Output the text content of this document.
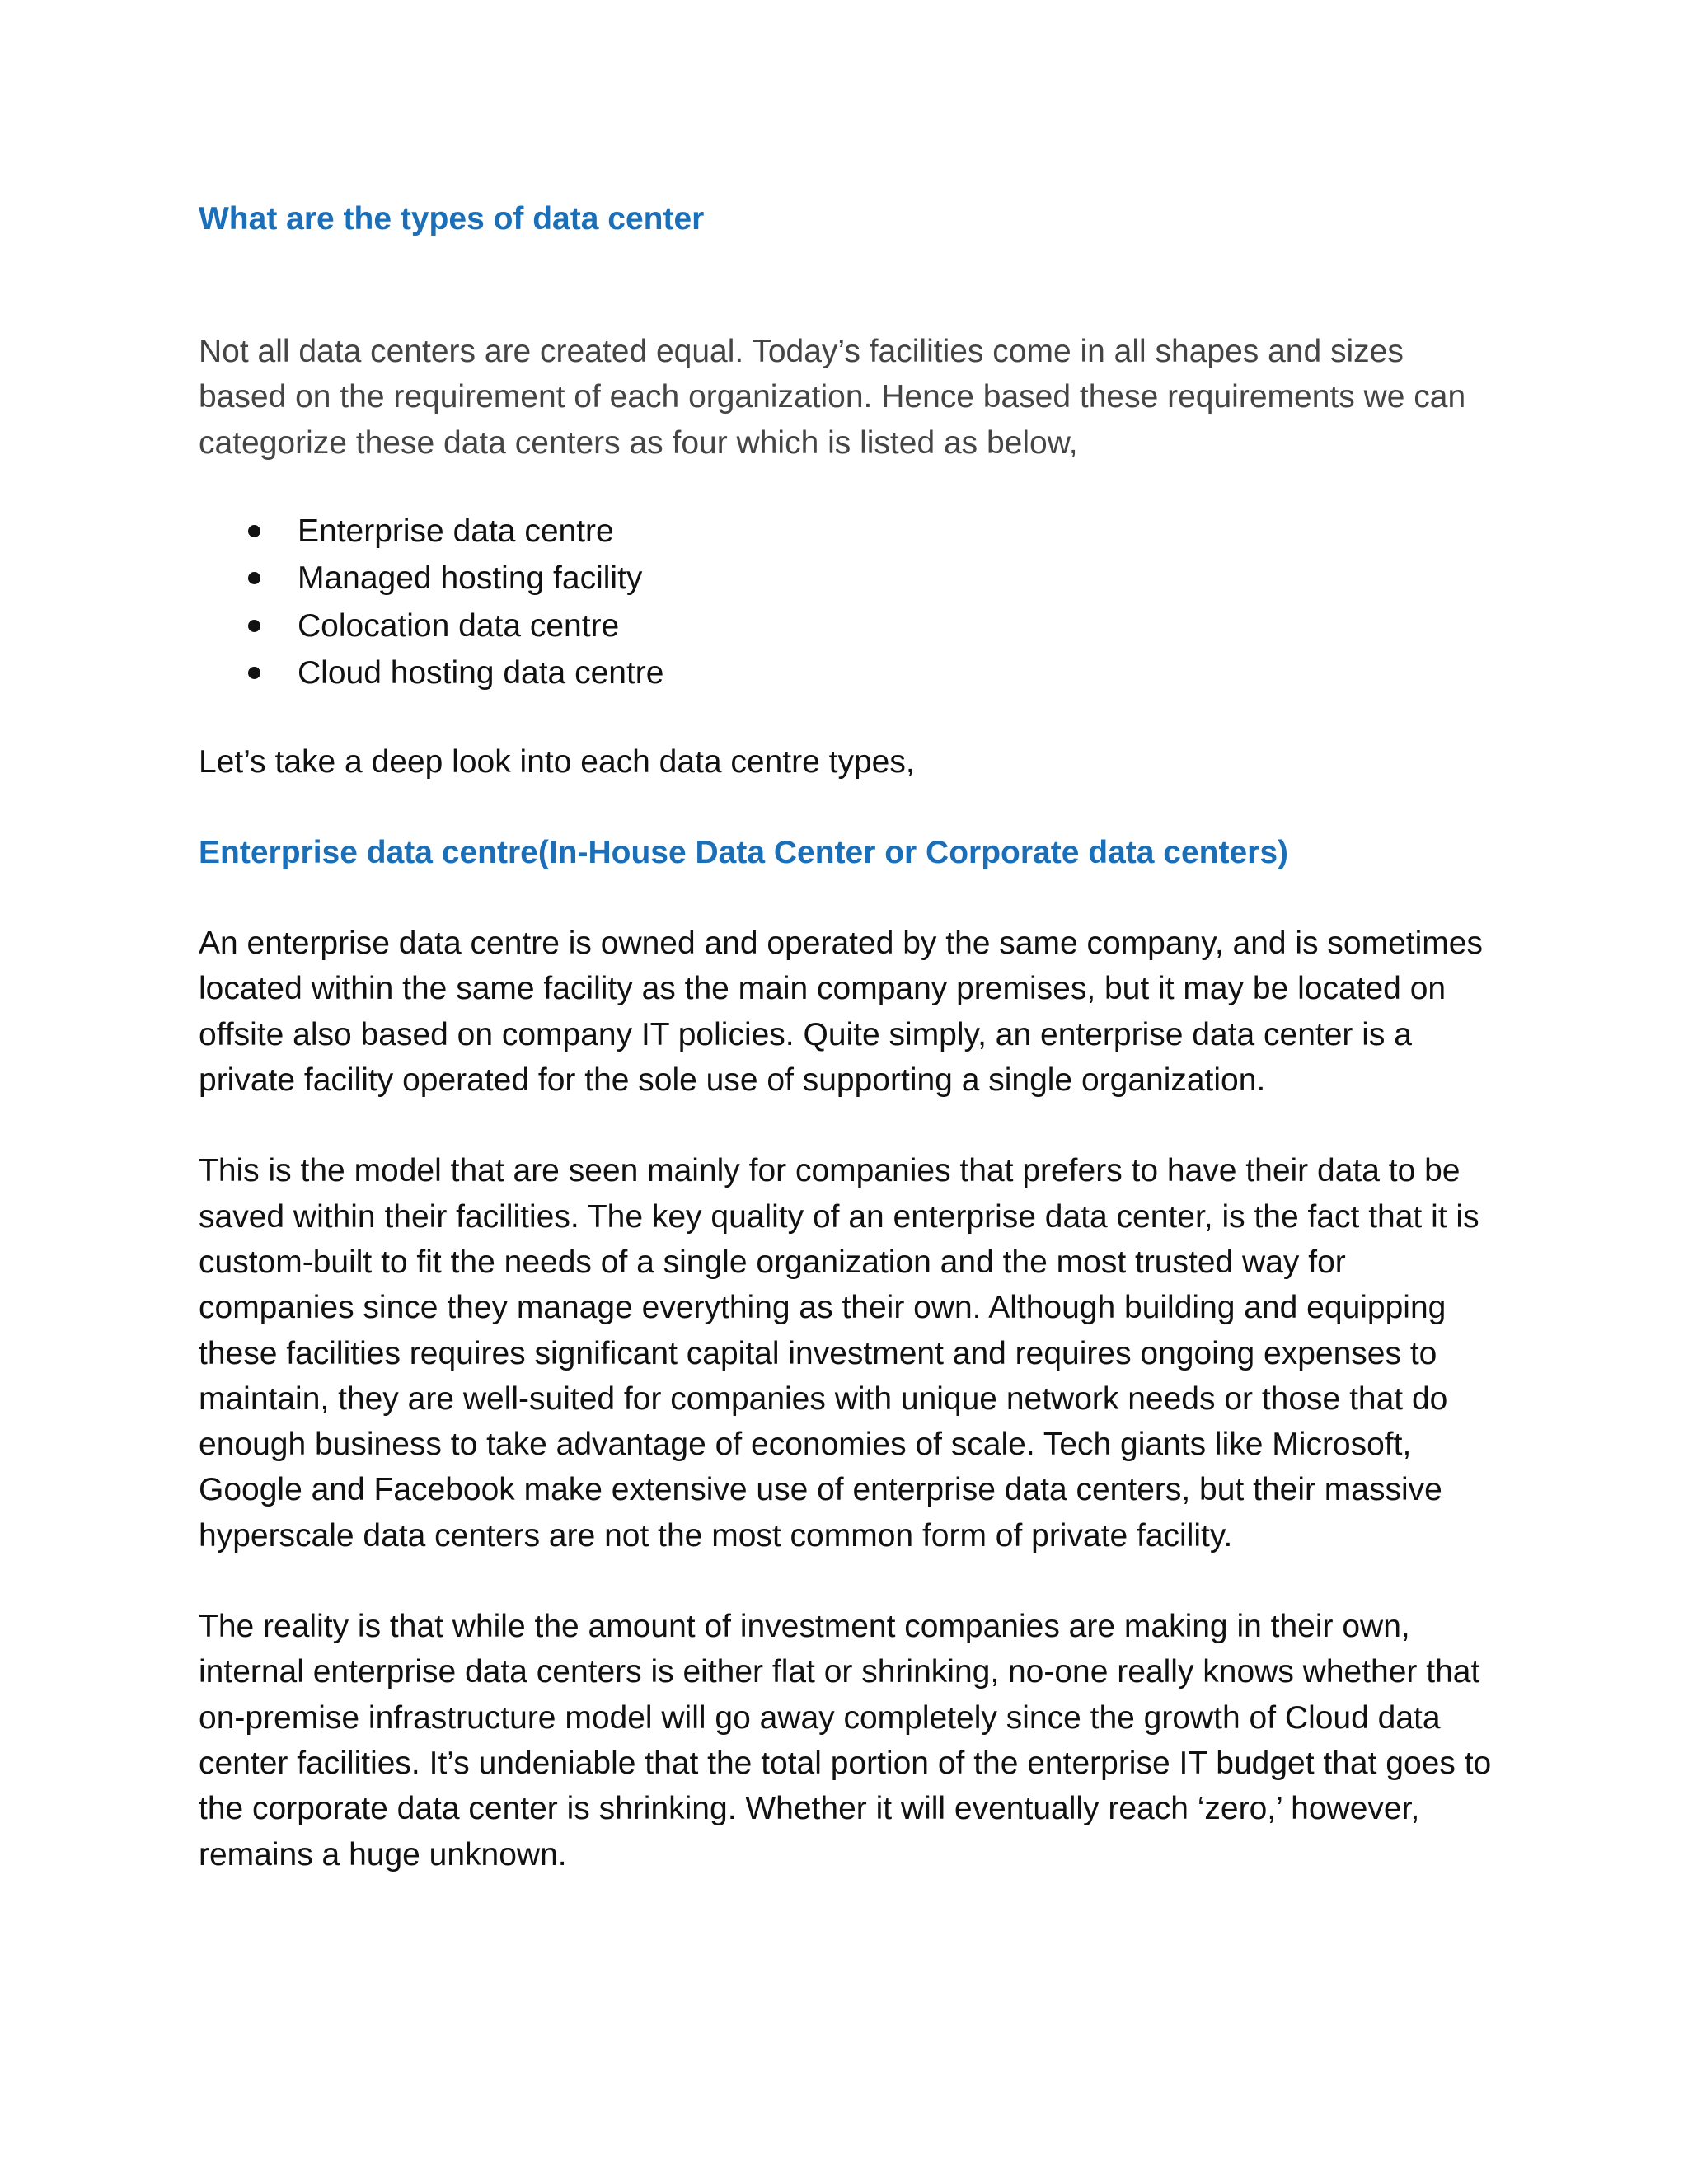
What are the types of data center

Not all data centers are created equal. Today’s facilities come in all shapes and sizes based on the requirement of each organization. Hence based these requirements we can categorize these data centers as four which is listed as below,

Enterprise data centre
Managed hosting facility
Colocation data centre
Cloud hosting data centre

Let’s take a deep look into each data centre types,

Enterprise data centre(In-House Data Center or Corporate data centers)

An enterprise data centre is owned and operated by the same company, and is sometimes located within the same facility as the main company premises, but it may be located on offsite also based on company IT policies. Quite simply, an enterprise data center is a private facility operated for the sole use of supporting a single organization.

This is the model that are seen mainly for companies that prefers to have their data to be saved within their facilities. The key quality of an enterprise data center, is the fact that it is custom-built to fit the needs of a single organization and the most trusted way for companies since they manage everything as their own. Although building and equipping these facilities requires significant capital investment and requires ongoing expenses to maintain, they are well-suited for companies with unique network needs or those that do enough business to take advantage of economies of scale. Tech giants like Microsoft, Google and Facebook make extensive use of enterprise data centers, but their massive hyperscale data centers are not the most common form of private facility.

The reality is that while the amount of investment companies are making in their own, internal enterprise data centers is either flat or shrinking, no-one really knows whether that on-premise infrastructure model will go away completely since the growth of Cloud data center facilities. It’s undeniable that the total portion of the enterprise IT budget that goes to the corporate data center is shrinking. Whether it will eventually reach ‘zero,’ however, remains a huge unknown.
